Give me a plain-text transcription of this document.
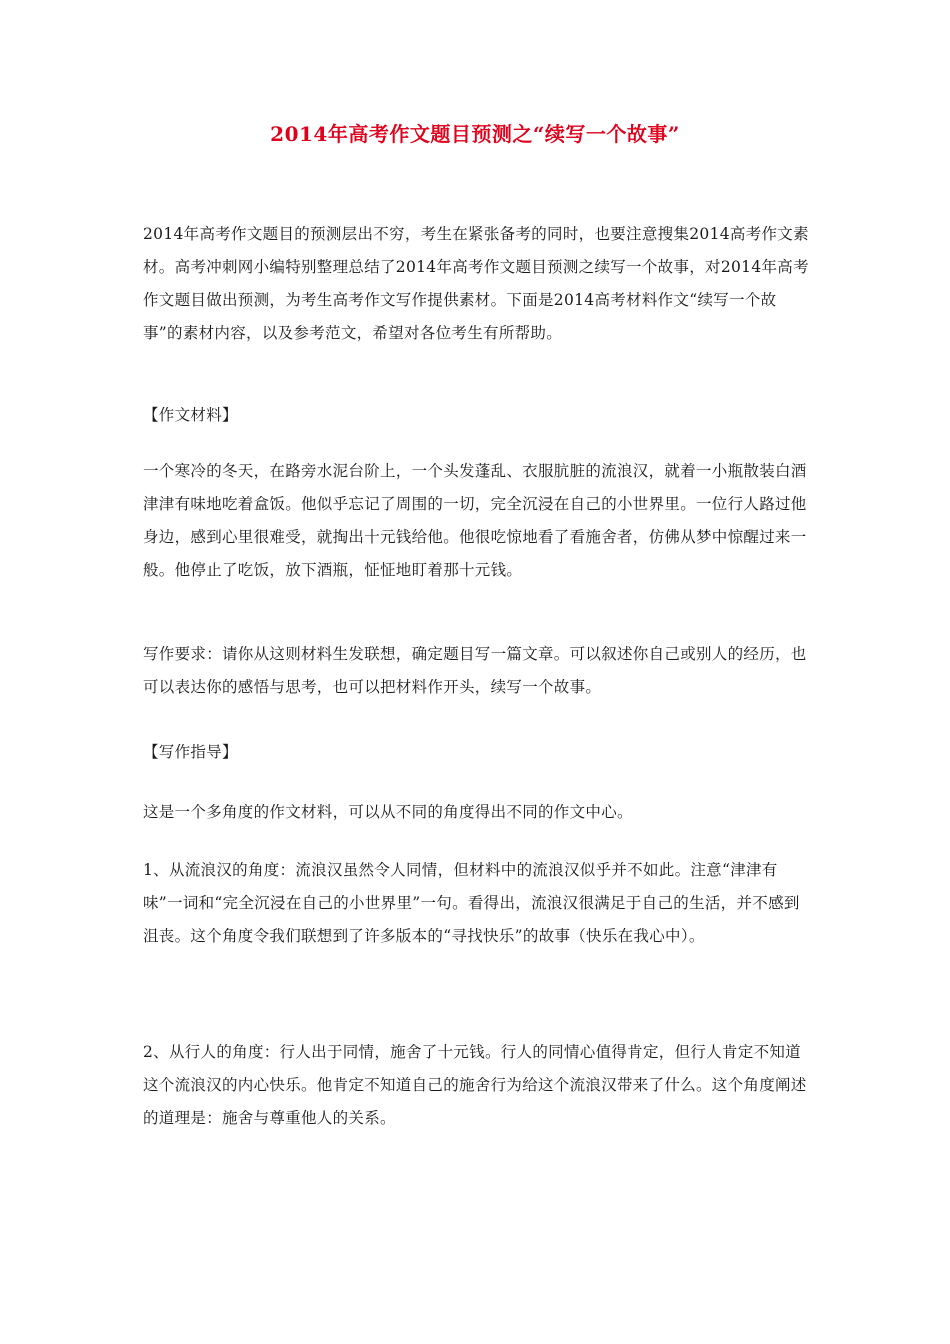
2014年高考作文题目预测之“续写一个故事”

2014年高考作文题目的预测层出不穷，考生在紧张备考的同时，也要注意搜集2014高考作文素材。高考冲刺网小编特别整理总结了2014年高考作文题目预测之续写一个故事，对2014年高考作文题目做出预测，为考生高考作文写作提供素材。下面是2014高考材料作文“续写一个故事”的素材内容，以及参考范文，希望对各位考生有所帮助。

【作文材料】

一个寒冷的冬天，在路旁水泥台阶上，一个头发蓬乱、衣服肮脏的流浪汉，就着一小瓶散装白酒津津有味地吃着盒饭。他似乎忘记了周围的一切，完全沉浸在自己的小世界里。一位行人路过他身边，感到心里很难受，就掏出十元钱给他。他很吃惊地看了看施舍者，仿佛从梦中惊醒过来一般。他停止了吃饭，放下酒瓶，怔怔地盯着那十元钱。

写作要求：请你从这则材料生发联想，确定题目写一篇文章。可以叙述你自己或别人的经历，也可以表达你的感悟与思考，也可以把材料作开头，续写一个故事。

【写作指导】

这是一个多角度的作文材料，可以从不同的角度得出不同的作文中心。

1、从流浪汉的角度：流浪汉虽然令人同情，但材料中的流浪汉似乎并不如此。注意“津津有味”一词和“完全沉浸在自己的小世界里”一句。看得出，流浪汉很满足于自己的生活，并不感到沮丧。这个角度令我们联想到了许多版本的“寻找快乐”的故事（快乐在我心中）。

2、从行人的角度：行人出于同情，施舍了十元钱。行人的同情心值得肯定，但行人肯定不知道这个流浪汉的内心快乐。他肯定不知道自己的施舍行为给这个流浪汉带来了什么。这个角度阐述的道理是：施舍与尊重他人的关系。
